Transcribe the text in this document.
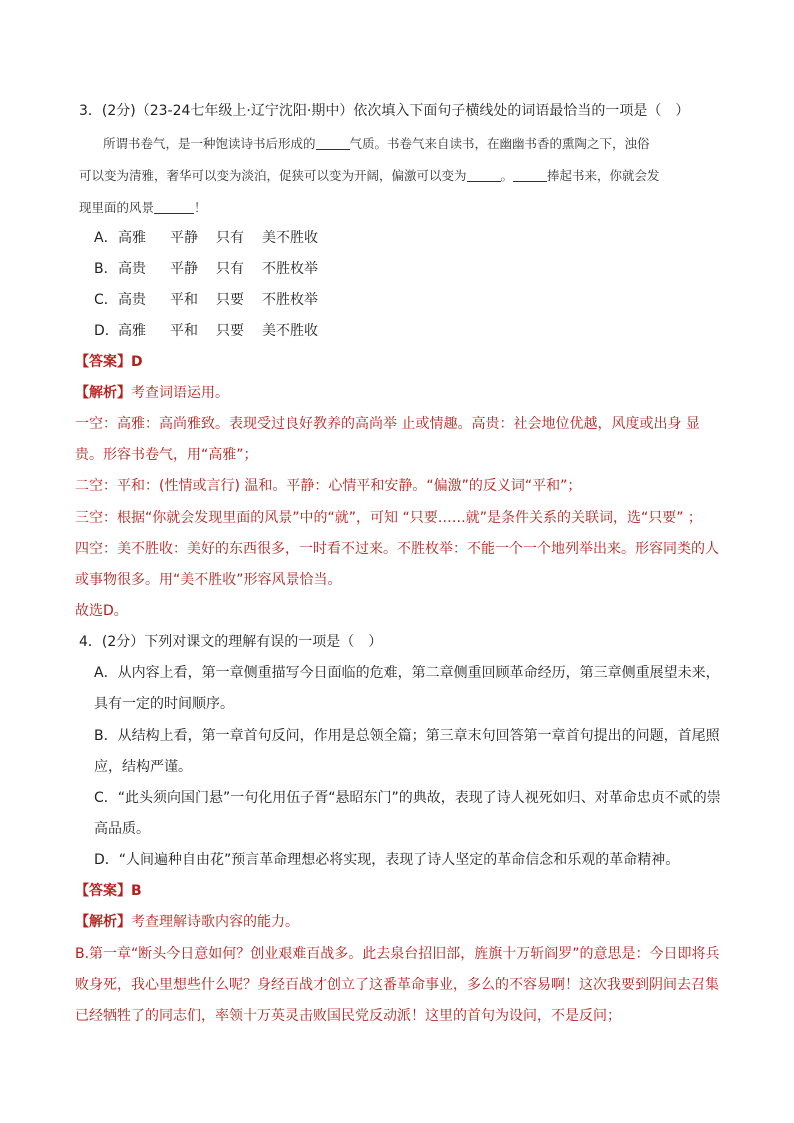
3．(2分)（23-24七年级上·辽宁沈阳·期中）依次填入下面句子横线处的词语最恰当的一项是（　）
所谓书卷气，是一种饱读诗书后形成的	气质。书卷气来自读书，在幽幽书香的熏陶之下，浊俗
可以变为清雅，奢华可以变为淡泊，促狭可以变为开阔，偏激可以变为	。	捧起书来，你就会发
现里面的风景	！
A．高雅 平静 只有 美不胜收
B．高贵 平静 只有 不胜枚举
C．高贵 平和 只要 不胜枚举
D．高雅 平和 只要 美不胜收
【答案】D
【解析】考查词语运用。
一空：高雅：高尚雅致。表现受过良好教养的高尚举 止或情趣。高贵：社会地位优越，风度或出身 显
贵。形容书卷气，用“高雅”；
二空：平和：(性情或言行) 温和。平静：心情平和安静。“偏激”的反义词“平和”；
三空：根据“你就会发现里面的风景”中的“就”，可知 “只要……就”是条件关系的关联词，选“只要” ；
四空：美不胜收：美好的东西很多，一时看不过来。不胜枚举：不能一个一个地列举出来。形容同类的人
或事物很多。用“美不胜收”形容风景恰当。
故选D。
4．(2分）下列对课文的理解有误的一项是（　）
A．从内容上看，第一章侧重描写今日面临的危难，第二章侧重回顾革命经历，第三章侧重展望未来，
具有一定的时间顺序。
B．从结构上看，第一章首句反问，作用是总领全篇；第三章末句回答第一章首句提出的问题，首尾照
应，结构严谨。
C．“此头须向国门悬”一句化用伍子胥“悬昭东门”的典故，表现了诗人视死如归、对革命忠贞不贰的崇
高品质。
D．“人间遍种自由花”预言革命理想必将实现，表现了诗人坚定的革命信念和乐观的革命精神。
【答案】B
【解析】考查理解诗歌内容的能力。
B.第一章“断头今日意如何？创业艰难百战多。此去泉台招旧部，旌旗十万斩阎罗”的意思是：今日即将兵
败身死，我心里想些什么呢？身经百战才创立了这番革命事业，多么的不容易啊！这次我要到阴间去召集
已经牺牲了的同志们，率领十万英灵击败国民党反动派！这里的首句为设问，不是反问；
